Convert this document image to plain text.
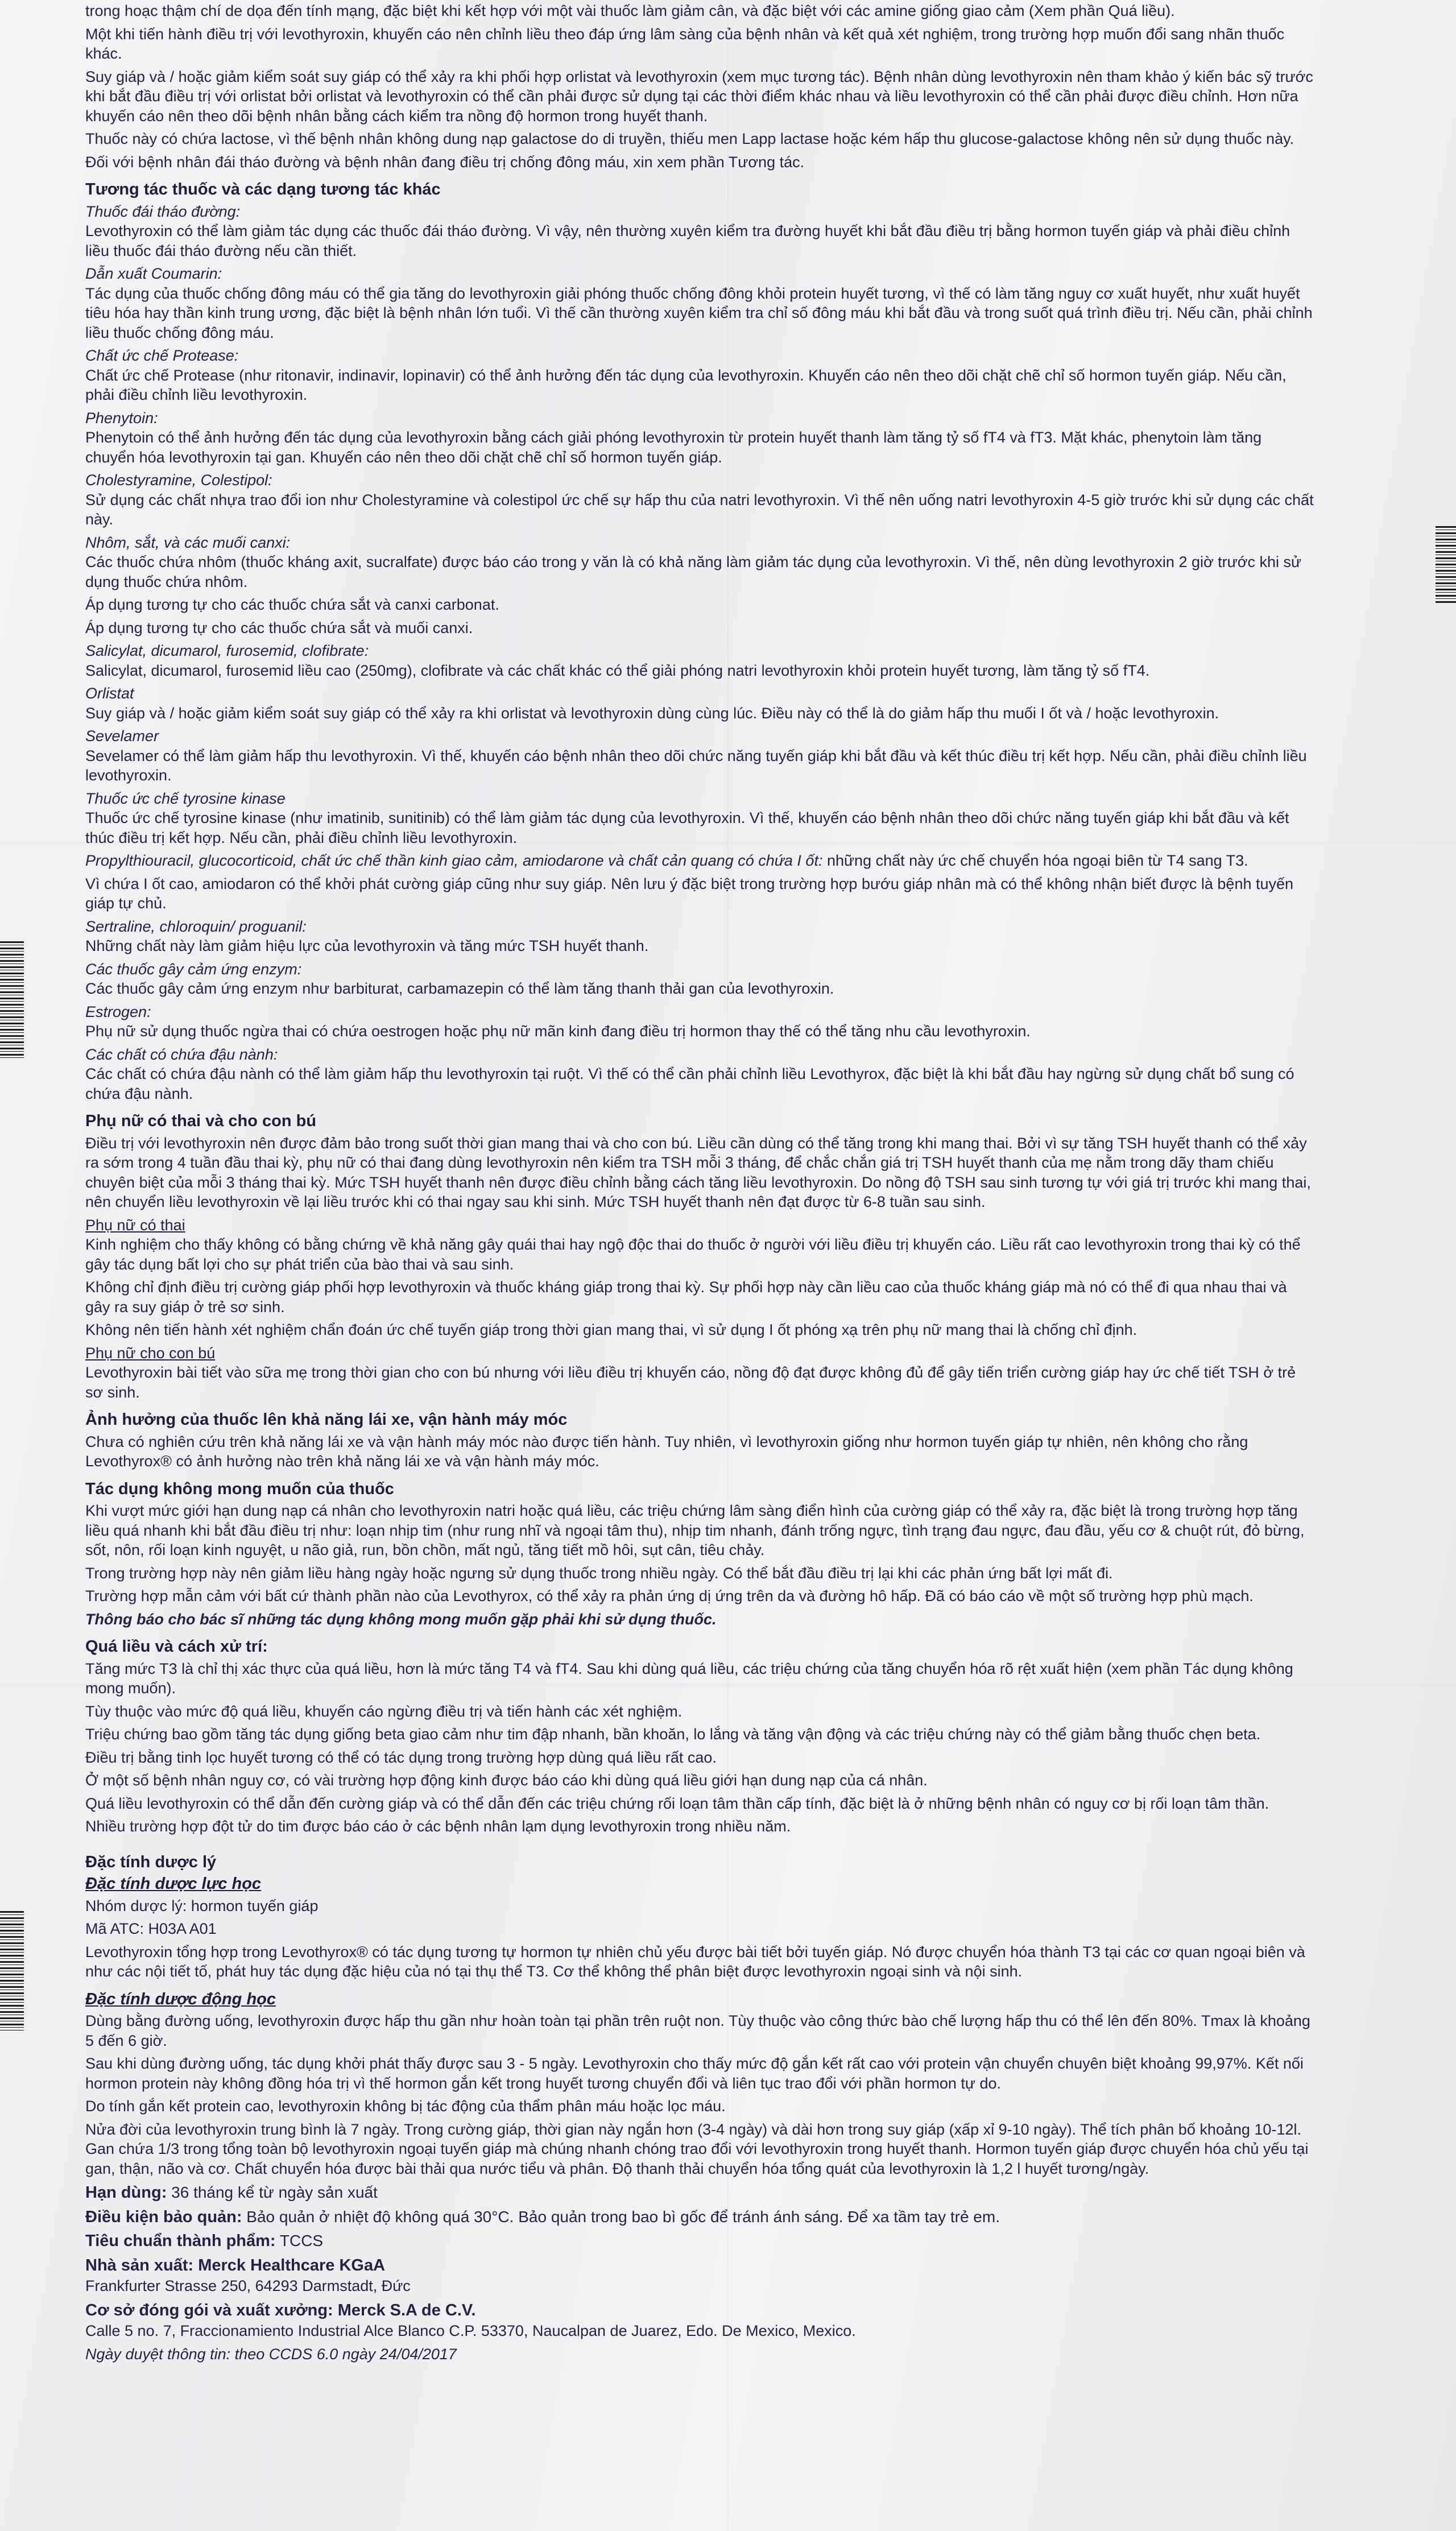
trong hoạc thậm chí de dọa đến tính mạng, đặc biệt khi kết hợp với một vài thuốc làm giảm cân, và đặc biệt với các amine giống giao cảm (Xem phần Quá liều).

Một khi tiến hành điều trị với levothyroxin, khuyến cáo nên chỉnh liều theo đáp ứng lâm sàng của bệnh nhân và kết quả xét nghiệm, trong trường hợp muốn đổi sang nhãn thuốc khác.

Suy giáp và / hoặc giảm kiểm soát suy giáp có thể xảy ra khi phối hợp orlistat và levothyroxin (xem mục tương tác). Bệnh nhân dùng levothyroxin nên tham khảo ý kiến bác sỹ trước khi bắt đầu điều trị với orlistat bởi orlistat và levothyroxin có thể cần phải được sử dụng tại các thời điểm khác nhau và liều levothyroxin có thể cần phải được điều chỉnh. Hơn nữa khuyến cáo nên theo dõi bệnh nhân bằng cách kiểm tra nồng độ hormon trong huyết thanh.

Thuốc này có chứa lactose, vì thế bệnh nhân không dung nạp galactose do di truyền, thiếu men Lapp lactase hoặc kém hấp thu glucose-galactose không nên sử dụng thuốc này.

Đối với bệnh nhân đái tháo đường và bệnh nhân đang điều trị chống đông máu, xin xem phần Tương tác.

Tương tác thuốc và các dạng tương tác khác
Thuốc đái tháo đường:

Levothyroxin có thể làm giảm tác dụng các thuốc đái tháo đường. Vì vậy, nên thường xuyên kiểm tra đường huyết khi bắt đầu điều trị bằng hormon tuyến giáp và phải điều chỉnh liều thuốc đái tháo đường nếu cần thiết.

Dẫn xuất Coumarin:

Tác dụng của thuốc chống đông máu có thể gia tăng do levothyroxin giải phóng thuốc chống đông khỏi protein huyết tương, vì thế có làm tăng nguy cơ xuất huyết, như xuất huyết tiêu hóa hay thần kinh trung ương, đặc biệt là bệnh nhân lớn tuổi. Vì thế cần thường xuyên kiểm tra chỉ số đông máu khi bắt đầu và trong suốt quá trình điều trị. Nếu cần, phải chỉnh liều thuốc chống đông máu.

Chất ức chế Protease:

Chất ức chế Protease (như ritonavir, indinavir, lopinavir) có thể ảnh hưởng đến tác dụng của levothyroxin. Khuyến cáo nên theo dõi chặt chẽ chỉ số hormon tuyến giáp. Nếu cần, phải điều chỉnh liều levothyroxin.

Phenytoin:

Phenytoin có thể ảnh hưởng đến tác dụng của levothyroxin bằng cách giải phóng levothyroxin từ protein huyết thanh làm tăng tỷ số fT4 và fT3. Mặt khác, phenytoin làm tăng chuyển hóa levothyroxin tại gan. Khuyến cáo nên theo dõi chặt chẽ chỉ số hormon tuyến giáp.

Cholestyramine, Colestipol:

Sử dụng các chất nhựa trao đổi ion như Cholestyramine và colestipol ức chế sự hấp thu của natri levothyroxin. Vì thế nên uống natri levothyroxin 4-5 giờ trước khi sử dụng các chất này.

Nhôm, sắt, và các muối canxi:

Các thuốc chứa nhôm (thuốc kháng axit, sucralfate) được báo cáo trong y văn là có khả năng làm giảm tác dụng của levothyroxin. Vì thế, nên dùng levothyroxin 2 giờ trước khi sử dụng thuốc chứa nhôm.

Áp dụng tương tự cho các thuốc chứa sắt và canxi carbonat.

Áp dụng tương tự cho các thuốc chứa sắt và muối canxi.

Salicylat, dicumarol, furosemid, clofibrate:

Salicylat, dicumarol, furosemid liều cao (250mg), clofibrate và các chất khác có thể giải phóng natri levothyroxin khỏi protein huyết tương, làm tăng tỷ số fT4.

Orlistat

Suy giáp và / hoặc giảm kiểm soát suy giáp có thể xảy ra khi orlistat và levothyroxin dùng cùng lúc. Điều này có thể là do giảm hấp thu muối I ốt và / hoặc levothyroxin.

Sevelamer

Sevelamer có thể làm giảm hấp thu levothyroxin. Vì thế, khuyến cáo bệnh nhân theo dõi chức năng tuyến giáp khi bắt đầu và kết thúc điều trị kết hợp. Nếu cần, phải điều chỉnh liều levothyroxin.

Thuốc ức chế tyrosine kinase

Thuốc ức chế tyrosine kinase (như imatinib, sunitinib) có thể làm giảm tác dụng của levothyroxin. Vì thế, khuyến cáo bệnh nhân theo dõi chức năng tuyến giáp khi bắt đầu và kết thúc điều trị kết hợp. Nếu cần, phải điều chỉnh liều levothyroxin.

Propylthiouracil, glucocorticoid, chất ức chế thần kinh giao cảm, amiodarone và chất cản quang có chứa I ốt: những chất này ức chế chuyển hóa ngoại biên từ T4 sang T3.

Vì chứa I ốt cao, amiodaron có thể khởi phát cường giáp cũng như suy giáp. Nên lưu ý đặc biệt trong trường hợp bướu giáp nhân mà có thể không nhận biết được là bệnh tuyến giáp tự chủ.

Sertraline, chloroquin/ proguanil:

Những chất này làm giảm hiệu lực của levothyroxin và tăng mức TSH huyết thanh.

Các thuốc gây cảm ứng enzym:

Các thuốc gây cảm ứng enzym như barbiturat, carbamazepin có thể làm tăng thanh thải gan của levothyroxin.

Estrogen:

Phụ nữ sử dụng thuốc ngừa thai có chứa oestrogen hoặc phụ nữ mãn kinh đang điều trị hormon thay thế có thể tăng nhu cầu levothyroxin.

Các chất có chứa đậu nành:

Các chất có chứa đậu nành có thể làm giảm hấp thu levothyroxin tại ruột. Vì thế có thể cần phải chỉnh liều Levothyrox, đặc biệt là khi bắt đầu hay ngừng sử dụng chất bổ sung có chứa đậu nành.

Phụ nữ có thai và cho con bú

Điều trị với levothyroxin nên được đảm bảo trong suốt thời gian mang thai và cho con bú. Liều cần dùng có thể tăng trong khi mang thai. Bởi vì sự tăng TSH huyết thanh có thể xảy ra sớm trong 4 tuần đầu thai kỳ, phụ nữ có thai đang dùng levothyroxin nên kiểm tra TSH mỗi 3 tháng, để chắc chắn giá trị TSH huyết thanh của mẹ nằm trong dãy tham chiếu chuyên biệt của mỗi 3 tháng thai kỳ. Mức TSH huyết thanh nên được điều chỉnh bằng cách tăng liều levothyroxin. Do nồng độ TSH sau sinh tương tự với giá trị trước khi mang thai, nên chuyển liều levothyroxin về lại liều trước khi có thai ngay sau khi sinh. Mức TSH huyết thanh nên đạt được từ 6-8 tuần sau sinh.

Phụ nữ có thai

Kinh nghiệm cho thấy không có bằng chứng về khả năng gây quái thai hay ngộ độc thai do thuốc ở người với liều điều trị khuyến cáo. Liều rất cao levothyroxin trong thai kỳ có thể gây tác dụng bất lợi cho sự phát triển của bào thai và sau sinh.

Không chỉ định điều trị cường giáp phối hợp levothyroxin và thuốc kháng giáp trong thai kỳ. Sự phối hợp này cần liều cao của thuốc kháng giáp mà nó có thể đi qua nhau thai và gây ra suy giáp ở trẻ sơ sinh.

Không nên tiến hành xét nghiệm chẩn đoán ức chế tuyến giáp trong thời gian mang thai, vì sử dụng I ốt phóng xạ trên phụ nữ mang thai là chống chỉ định.

Phụ nữ cho con bú

Levothyroxin bài tiết vào sữa mẹ trong thời gian cho con bú nhưng với liều điều trị khuyến cáo, nồng độ đạt được không đủ để gây tiến triển cường giáp hay ức chế tiết TSH ở trẻ sơ sinh.

Ảnh hưởng của thuốc lên khả năng lái xe, vận hành máy móc

Chưa có nghiên cứu trên khả năng lái xe và vận hành máy móc nào được tiến hành. Tuy nhiên, vì levothyroxin giống như hormon tuyến giáp tự nhiên, nên không cho rằng Levothyrox® có ảnh hưởng nào trên khả năng lái xe và vận hành máy móc.

Tác dụng không mong muốn của thuốc

Khi vượt mức giới hạn dung nạp cá nhân cho levothyroxin natri hoặc quá liều, các triệu chứng lâm sàng điển hình của cường giáp có thể xảy ra, đặc biệt là trong trường hợp tăng liều quá nhanh khi bắt đầu điều trị như: loạn nhịp tim (như rung nhĩ và ngoại tâm thu), nhịp tim nhanh, đánh trống ngực, tình trạng đau ngực, đau đầu, yếu cơ & chuột rút, đỏ bừng, sốt, nôn, rối loạn kinh nguyệt, u não giả, run, bồn chồn, mất ngủ, tăng tiết mồ hôi, sụt cân, tiêu chảy.

Trong trường hợp này nên giảm liều hàng ngày hoặc ngưng sử dụng thuốc trong nhiều ngày. Có thể bắt đầu điều trị lại khi các phản ứng bất lợi mất đi.

Trường hợp mẫn cảm với bất cứ thành phần nào của Levothyrox, có thể xảy ra phản ứng dị ứng trên da và đường hô hấp. Đã có báo cáo về một số trường hợp phù mạch.

Thông báo cho bác sĩ những tác dụng không mong muốn gặp phải khi sử dụng thuốc.

Quá liều và cách xử trí:

Tăng mức T3 là chỉ thị xác thực của quá liều, hơn là mức tăng T4 và fT4. Sau khi dùng quá liều, các triệu chứng của tăng chuyển hóa rõ rệt xuất hiện (xem phần Tác dụng không mong muốn).

Tùy thuộc vào mức độ quá liều, khuyến cáo ngừng điều trị và tiến hành các xét nghiệm.

Triệu chứng bao gồm tăng tác dụng giống beta giao cảm như tim đập nhanh, bần khoăn, lo lắng và tăng vận động và các triệu chứng này có thể giảm bằng thuốc chẹn beta.

Điều trị bằng tinh lọc huyết tương có thể có tác dụng trong trường hợp dùng quá liều rất cao.

Ở một số bệnh nhân nguy cơ, có vài trường hợp động kinh được báo cáo khi dùng quá liều giới hạn dung nạp của cá nhân.

Quá liều levothyroxin có thể dẫn đến cường giáp và có thể dẫn đến các triệu chứng rối loạn tâm thần cấp tính, đặc biệt là ở những bệnh nhân có nguy cơ bị rối loạn tâm thần.

Nhiều trường hợp đột tử do tim được báo cáo ở các bệnh nhân lạm dụng levothyroxin trong nhiều năm.

Đặc tính dược lý
Đặc tính dược lực học

Nhóm dược lý: hormon tuyến giáp

Mã ATC: H03A A01

Levothyroxin tổng hợp trong Levothyrox® có tác dụng tương tự hormon tự nhiên chủ yếu được bài tiết bởi tuyến giáp. Nó được chuyển hóa thành T3 tại các cơ quan ngoại biên và như các nội tiết tố, phát huy tác dụng đặc hiệu của nó tại thụ thể T3. Cơ thể không thể phân biệt được levothyroxin ngoại sinh và nội sinh.

Đặc tính dược động học

Dùng bằng đường uống, levothyroxin được hấp thu gần như hoàn toàn tại phần trên ruột non. Tùy thuộc vào công thức bào chế lượng hấp thu có thể lên đến 80%. Tmax là khoảng 5 đến 6 giờ.

Sau khi dùng đường uống, tác dụng khởi phát thấy được sau 3 - 5 ngày. Levothyroxin cho thấy mức độ gắn kết rất cao với protein vận chuyển chuyên biệt khoảng 99,97%. Kết nối hormon protein này không đồng hóa trị vì thế hormon gắn kết trong huyết tương chuyển đổi và liên tục trao đổi với phần hormon tự do.

Do tính gắn kết protein cao, levothyroxin không bị tác động của thẩm phân máu hoặc lọc máu.

Nửa đời của levothyroxin trung bình là 7 ngày. Trong cường giáp, thời gian này ngắn hơn (3-4 ngày) và dài hơn trong suy giáp (xấp xỉ 9-10 ngày). Thể tích phân bố khoảng 10-12l. Gan chứa 1/3 trong tổng toàn bộ levothyroxin ngoại tuyến giáp mà chúng nhanh chóng trao đổi với levothyroxin trong huyết thanh. Hormon tuyến giáp được chuyển hóa chủ yếu tại gan, thận, não và cơ. Chất chuyển hóa được bài thải qua nước tiểu và phân. Độ thanh thải chuyển hóa tổng quát của levothyroxin là 1,2 l huyết tương/ngày.

Hạn dùng: 36 tháng kể từ ngày sản xuất
Điều kiện bảo quản: Bảo quản ở nhiệt độ không quá 30°C. Bảo quản trong bao bì gốc để tránh ánh sáng. Để xa tầm tay trẻ em.
Tiêu chuẩn thành phẩm: TCCS
Nhà sản xuất: Merck Healthcare KGaA
Frankfurter Strasse 250, 64293 Darmstadt, Đức
Cơ sở đóng gói và xuất xưởng: Merck S.A de C.V.
Calle 5 no. 7, Fraccionamiento Industrial Alce Blanco C.P. 53370, Naucalpan de Juarez, Edo. De Mexico, Mexico.
Ngày duyệt thông tin: theo CCDS 6.0 ngày 24/04/2017
